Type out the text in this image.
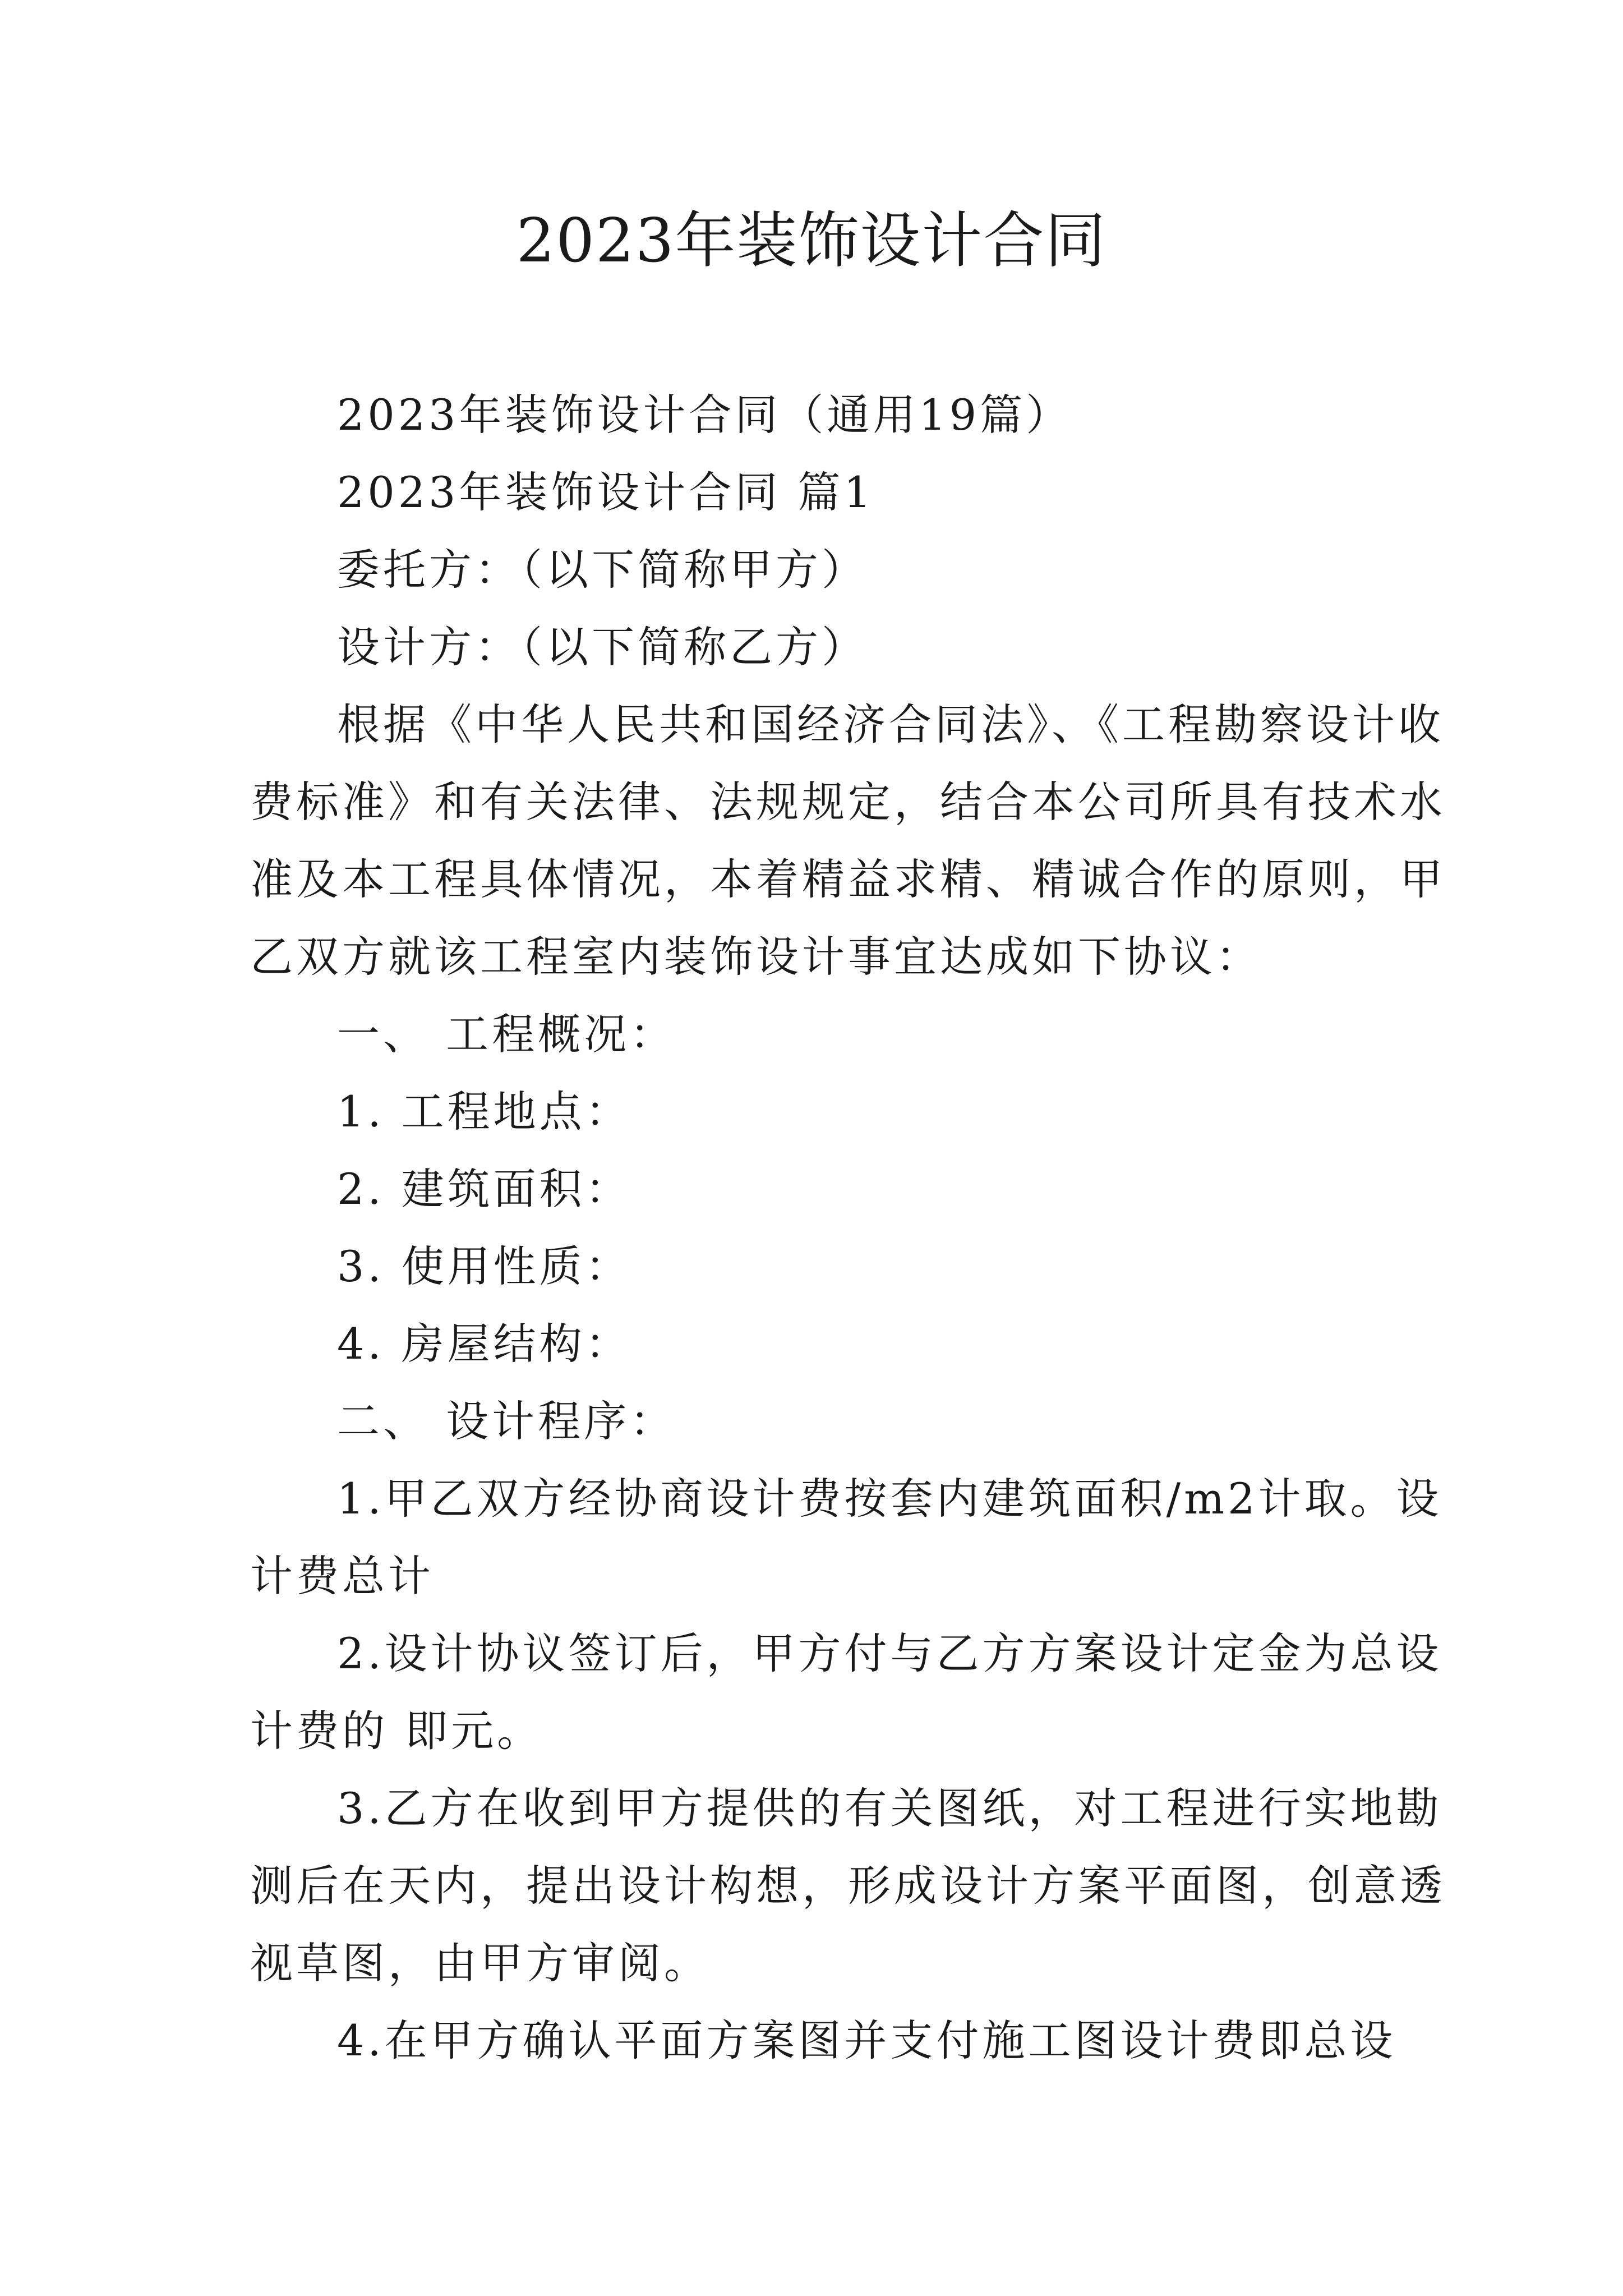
2023年装饰设计合同
2023年装饰设计合同（通用19篇）
2023年装饰设计合同 篇1
委托方：（以下简称甲方）
设计方：（以下简称乙方）
根据《中华人民共和国经济合同法》、《工程勘察设计收
费标准》和有关法律、法规规定，结合本公司所具有技术水
准及本工程具体情况，本着精益求精、精诚合作的原则，甲
乙双方就该工程室内装饰设计事宜达成如下协议：
一、 工程概况：
1. 工程地点：
2. 建筑面积：
3. 使用性质：
4. 房屋结构：
二、 设计程序：
1.甲乙双方经协商设计费按套内建筑面积/m2计取。设
计费总计
2.设计协议签订后，甲方付与乙方方案设计定金为总设
计费的 即元。
3.乙方在收到甲方提供的有关图纸，对工程进行实地勘
测后在天内，提出设计构想，形成设计方案平面图，创意透
视草图，由甲方审阅。
4.在甲方确认平面方案图并支付施工图设计费即总设
